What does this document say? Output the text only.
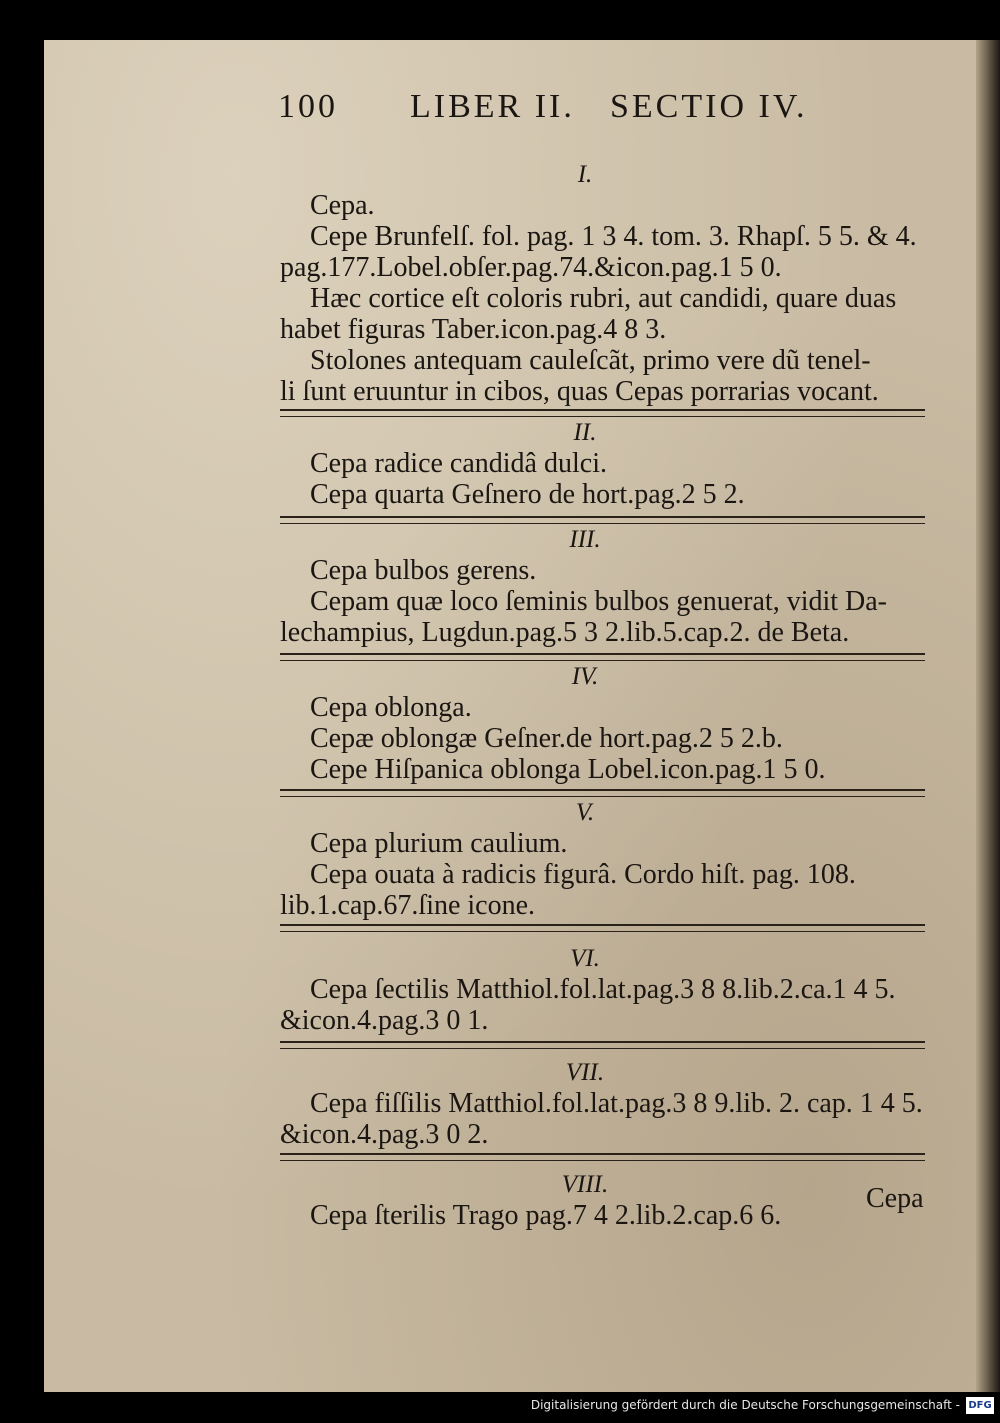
100 LIBER II. SECTIO IV.
I.
Cepa.
Cepe Brunfelſ. fol. pag. 1 3 4. tom. 3. Rhapſ. 5 5. & 4.
pag.177.Lobel.obſer.pag.74.&icon.pag.1 5 0.
Hæc cortice eſt coloris rubri, aut candidi, quare duas
habet figuras Taber.icon.pag.4 8 3.
Stolones antequam cauleſcãt, primo vere dũ tenel-
li ſunt eruuntur in cibos, quas Cepas porrarias vocant.
II.
Cepa radice candidâ dulci.
Cepa quarta Geſnero de hort.pag.2 5 2.
III.
Cepa bulbos gerens.
Cepam quæ loco ſeminis bulbos genuerat, vidit Da-
lechampius, Lugdun.pag.5 3 2.lib.5.cap.2. de Beta.
IV.
Cepa oblonga.
Cepæ oblongæ Geſner.de hort.pag.2 5 2.b.
Cepe Hiſpanica oblonga Lobel.icon.pag.1 5 0.
V.
Cepa plurium caulium.
Cepa ouata à radicis figurâ. Cordo hiſt. pag. 108.
lib.1.cap.67.ſine icone.
VI.
Cepa ſectilis Matthiol.fol.lat.pag.3 8 8.lib.2.ca.1 4 5.
&icon.4.pag.3 0 1.
VII.
Cepa fiſſilis Matthiol.fol.lat.pag.3 8 9.lib. 2. cap. 1 4 5.
&icon.4.pag.3 0 2.
VIII.
Cepa ſterilis Trago pag.7 4 2.lib.2.cap.6 6.
Cepa
Digitalisierung gefördert durch die Deutsche Forschungsgemeinschaft - DFG
